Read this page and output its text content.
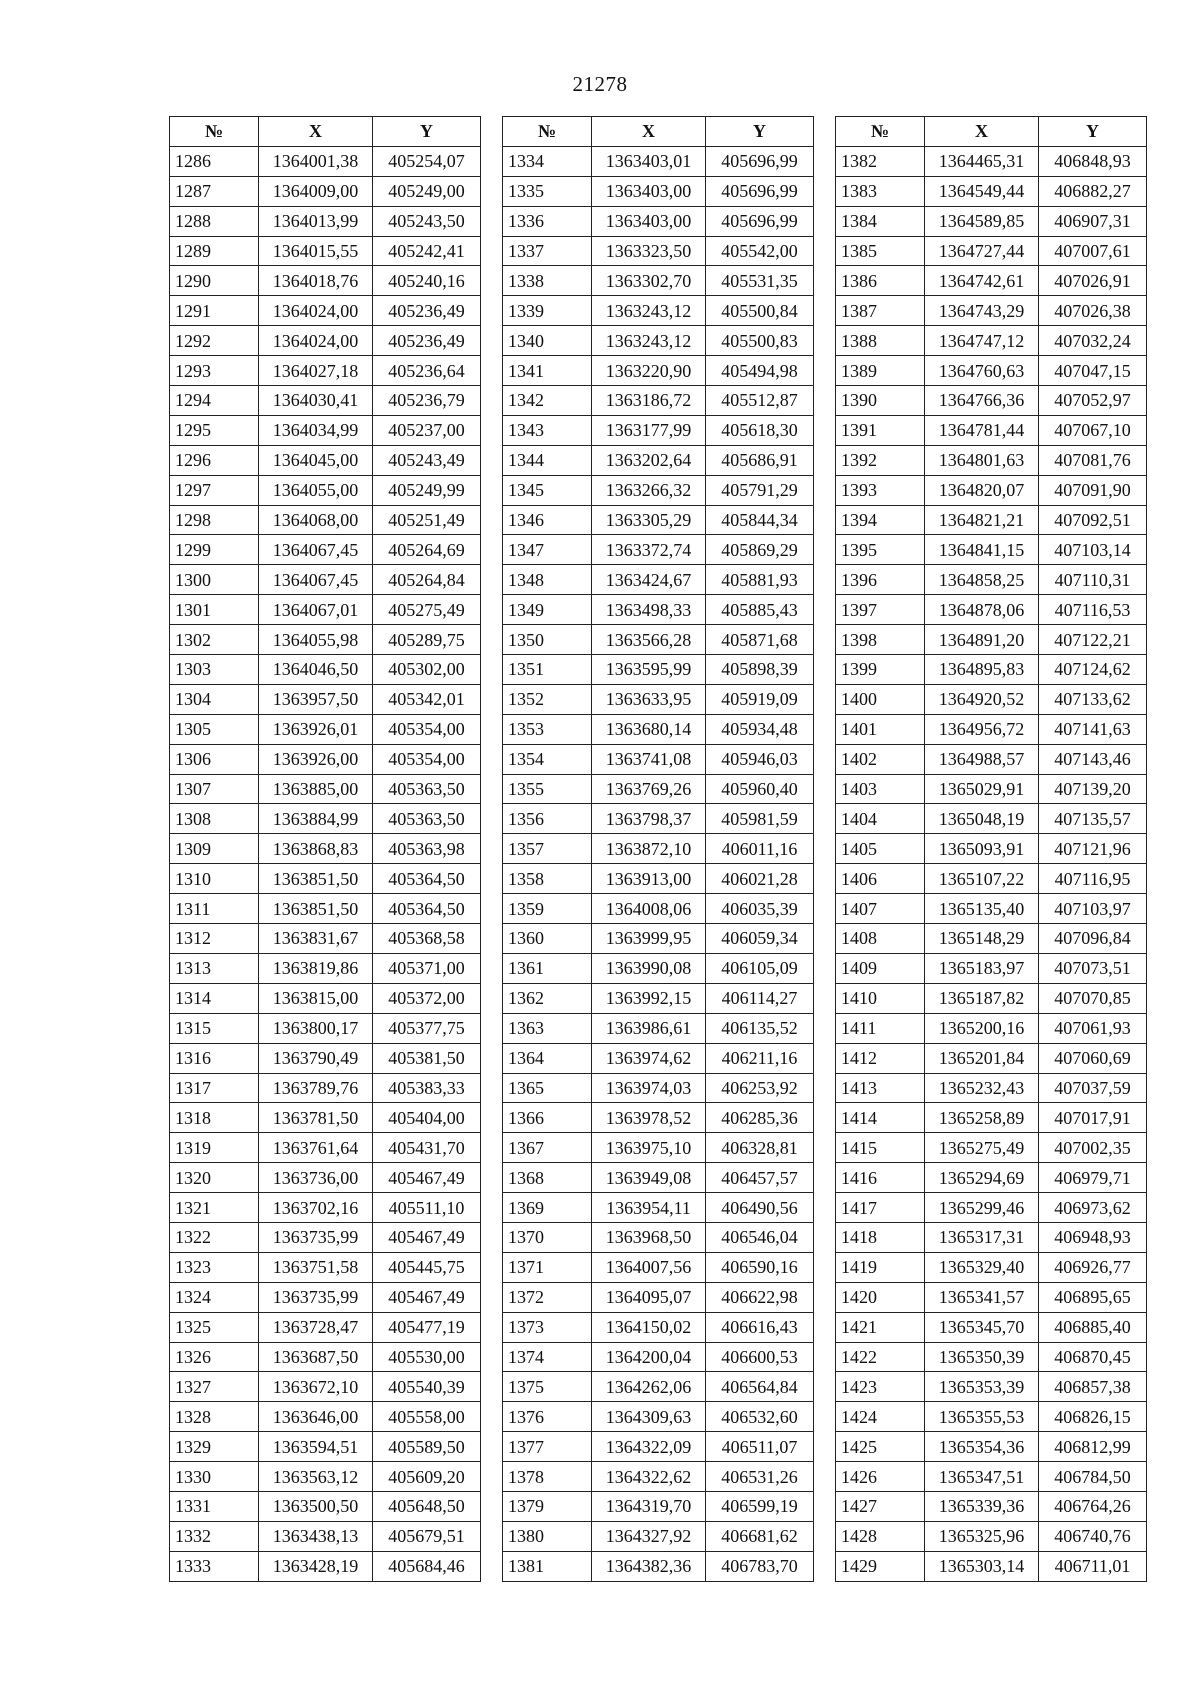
21278
№	X	Y
1286	1364001,38	405254,07
1287	1364009,00	405249,00
1288	1364013,99	405243,50
1289	1364015,55	405242,41
1290	1364018,76	405240,16
1291	1364024,00	405236,49
1292	1364024,00	405236,49
1293	1364027,18	405236,64
1294	1364030,41	405236,79
1295	1364034,99	405237,00
1296	1364045,00	405243,49
1297	1364055,00	405249,99
1298	1364068,00	405251,49
1299	1364067,45	405264,69
1300	1364067,45	405264,84
1301	1364067,01	405275,49
1302	1364055,98	405289,75
1303	1364046,50	405302,00
1304	1363957,50	405342,01
1305	1363926,01	405354,00
1306	1363926,00	405354,00
1307	1363885,00	405363,50
1308	1363884,99	405363,50
1309	1363868,83	405363,98
1310	1363851,50	405364,50
1311	1363851,50	405364,50
1312	1363831,67	405368,58
1313	1363819,86	405371,00
1314	1363815,00	405372,00
1315	1363800,17	405377,75
1316	1363790,49	405381,50
1317	1363789,76	405383,33
1318	1363781,50	405404,00
1319	1363761,64	405431,70
1320	1363736,00	405467,49
1321	1363702,16	405511,10
1322	1363735,99	405467,49
1323	1363751,58	405445,75
1324	1363735,99	405467,49
1325	1363728,47	405477,19
1326	1363687,50	405530,00
1327	1363672,10	405540,39
1328	1363646,00	405558,00
1329	1363594,51	405589,50
1330	1363563,12	405609,20
1331	1363500,50	405648,50
1332	1363438,13	405679,51
1333	1363428,19	405684,46
№	X	Y
1334	1363403,01	405696,99
1335	1363403,00	405696,99
1336	1363403,00	405696,99
1337	1363323,50	405542,00
1338	1363302,70	405531,35
1339	1363243,12	405500,84
1340	1363243,12	405500,83
1341	1363220,90	405494,98
1342	1363186,72	405512,87
1343	1363177,99	405618,30
1344	1363202,64	405686,91
1345	1363266,32	405791,29
1346	1363305,29	405844,34
1347	1363372,74	405869,29
1348	1363424,67	405881,93
1349	1363498,33	405885,43
1350	1363566,28	405871,68
1351	1363595,99	405898,39
1352	1363633,95	405919,09
1353	1363680,14	405934,48
1354	1363741,08	405946,03
1355	1363769,26	405960,40
1356	1363798,37	405981,59
1357	1363872,10	406011,16
1358	1363913,00	406021,28
1359	1364008,06	406035,39
1360	1363999,95	406059,34
1361	1363990,08	406105,09
1362	1363992,15	406114,27
1363	1363986,61	406135,52
1364	1363974,62	406211,16
1365	1363974,03	406253,92
1366	1363978,52	406285,36
1367	1363975,10	406328,81
1368	1363949,08	406457,57
1369	1363954,11	406490,56
1370	1363968,50	406546,04
1371	1364007,56	406590,16
1372	1364095,07	406622,98
1373	1364150,02	406616,43
1374	1364200,04	406600,53
1375	1364262,06	406564,84
1376	1364309,63	406532,60
1377	1364322,09	406511,07
1378	1364322,62	406531,26
1379	1364319,70	406599,19
1380	1364327,92	406681,62
1381	1364382,36	406783,70
№	X	Y
1382	1364465,31	406848,93
1383	1364549,44	406882,27
1384	1364589,85	406907,31
1385	1364727,44	407007,61
1386	1364742,61	407026,91
1387	1364743,29	407026,38
1388	1364747,12	407032,24
1389	1364760,63	407047,15
1390	1364766,36	407052,97
1391	1364781,44	407067,10
1392	1364801,63	407081,76
1393	1364820,07	407091,90
1394	1364821,21	407092,51
1395	1364841,15	407103,14
1396	1364858,25	407110,31
1397	1364878,06	407116,53
1398	1364891,20	407122,21
1399	1364895,83	407124,62
1400	1364920,52	407133,62
1401	1364956,72	407141,63
1402	1364988,57	407143,46
1403	1365029,91	407139,20
1404	1365048,19	407135,57
1405	1365093,91	407121,96
1406	1365107,22	407116,95
1407	1365135,40	407103,97
1408	1365148,29	407096,84
1409	1365183,97	407073,51
1410	1365187,82	407070,85
1411	1365200,16	407061,93
1412	1365201,84	407060,69
1413	1365232,43	407037,59
1414	1365258,89	407017,91
1415	1365275,49	407002,35
1416	1365294,69	406979,71
1417	1365299,46	406973,62
1418	1365317,31	406948,93
1419	1365329,40	406926,77
1420	1365341,57	406895,65
1421	1365345,70	406885,40
1422	1365350,39	406870,45
1423	1365353,39	406857,38
1424	1365355,53	406826,15
1425	1365354,36	406812,99
1426	1365347,51	406784,50
1427	1365339,36	406764,26
1428	1365325,96	406740,76
1429	1365303,14	406711,01
